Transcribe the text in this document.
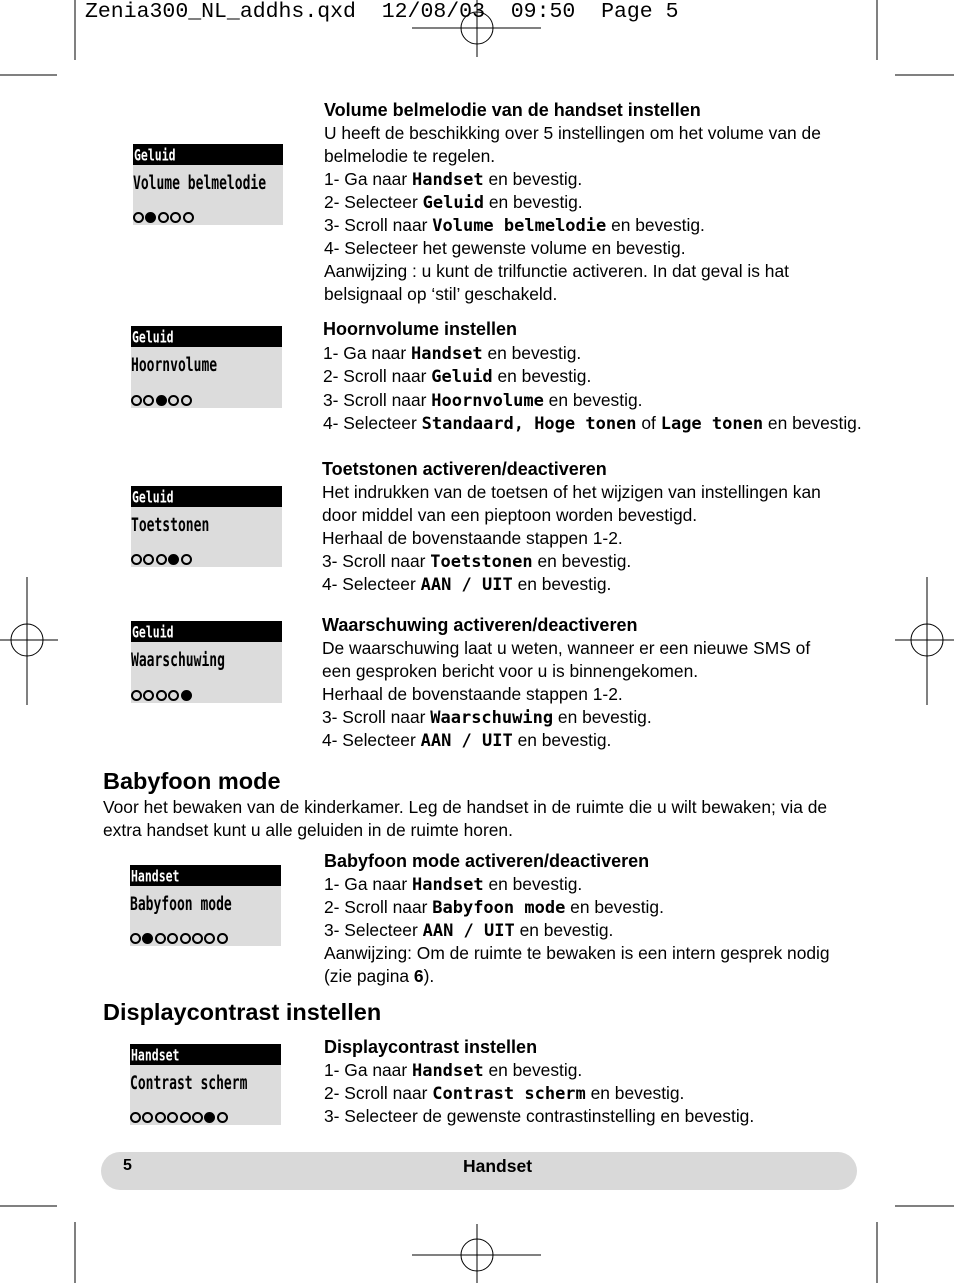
Zenia300_NL_addhs.qxd  12/08/03  09:50  Page 5
Geluid
Volume belmelodie
Geluid
Hoornvolume
Geluid
Toetstonen
Geluid
Waarschuwing
Handset
Babyfoon mode
Handset
Contrast scherm
Volume belmelodie van de handset instellen
U heeft de beschikking over 5 instellingen om het volume van de
belmelodie te regelen.
1- Ga naar Handset en bevestig.
2- Selecteer Geluid en bevestig.
3- Scroll naar Volume belmelodie en bevestig.
4- Selecteer het gewenste volume en bevestig.
Aanwijzing : u kunt de trilfunctie activeren. In dat geval is hat
belsignaal op ‘stil’ geschakeld.
Hoornvolume instellen
1- Ga naar Handset en bevestig.
2- Scroll naar Geluid en bevestig.
3- Scroll naar Hoornvolume en bevestig.
4- Selecteer Standaard, Hoge tonen of Lage tonen en bevestig.
Toetstonen activeren/deactiveren
Het indrukken van de toetsen of het wijzigen van instellingen kan
door middel van een pieptoon worden bevestigd.
Herhaal de bovenstaande stappen 1-2.
3- Scroll naar Toetstonen en bevestig.
4- Selecteer AAN / UIT en bevestig.
Waarschuwing activeren/deactiveren
De waarschuwing laat u weten, wanneer er een nieuwe SMS of
een gesproken bericht voor u is binnengekomen.
Herhaal de bovenstaande stappen 1-2.
3- Scroll naar Waarschuwing en bevestig.
4- Selecteer AAN / UIT en bevestig.
Babyfoon mode
Voor het bewaken van de kinderkamer. Leg de handset in de ruimte die u wilt bewaken; via de
extra handset kunt u alle geluiden in de ruimte horen.
Babyfoon mode activeren/deactiveren
1- Ga naar Handset en bevestig.
2- Scroll naar Babyfoon mode en bevestig.
3- Selecteer AAN / UIT en bevestig.
Aanwijzing: Om de ruimte te bewaken is een intern gesprek nodig
(zie pagina 6).
Displaycontrast instellen
Displaycontrast instellen
1- Ga naar Handset en bevestig.
2- Scroll naar Contrast scherm en bevestig.
3- Selecteer de gewenste contrastinstelling en bevestig.
5	Handset
